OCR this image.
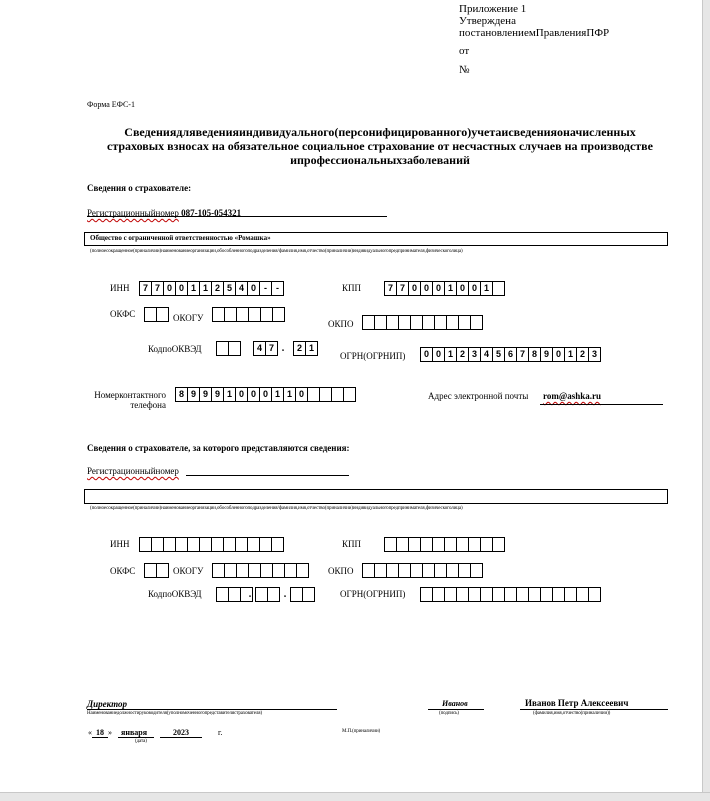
Приложение 1
Утверждена
постановлениемПравленияПФР
от
№
Форма ЕФС-1
Сведениядляведенияиндивидуального(персонифицированного)учетаисведенияоначисленных
страховых взносах на обязательное социальное страхование от несчастных случаев на производстве
ипрофессиональныхзаболеваний
Сведения о страхователе:
Регистрационныйномер 087-105-054321
Общество с ограниченной ответственностью «Ромашка»
(полноесокращенное(приналичии)наименованиеорганизации,обособленногоподразделения/фамилия,имя,отчество(приналичии)индивидуальногопредпринимателя,физическоголица)
ИНН	7 7 0 0 1 1 2 5 4 0 -	-	КПП	7 7 0 0 0 1 0 0 1
ОКФС	ОКОГУ
ОКПО
КодпоОКВЭД	4 7 .	2 1
ОГРН(ОГРНИП)	0 0 1 2 3 4 5 6 7 8 9 0 1 2 3
Номерконтактного
телефона
8 9 9 9 1 0 0 0 1 1 0	Адрес электронной почты rom@ashka.ru
Сведения о страхователе, за которого представляются сведения:
Регистрационныйномер
(полноесокращенное(приналичии)наименованиеорганизации,обособленногоподразделения/фамилия,имя,отчество(приналичии)индивидуальногопредпринимателя,физическоголица)
ИНН	КПП
ОКФС	ОКОГУ	ОКПО
КодпоОКВЭД	.	.	ОГРН(ОГРНИП)
Директор
Наименованиедолжностируководителя(уполномоченногопредставителястрахователя)
Иванов
(подпись)
Иванов Петр Алексеевич
(фамилия,имя,отчество(приналичии))
« 18 » января	2023	г.
(дата)
М.П.(приналичии)
